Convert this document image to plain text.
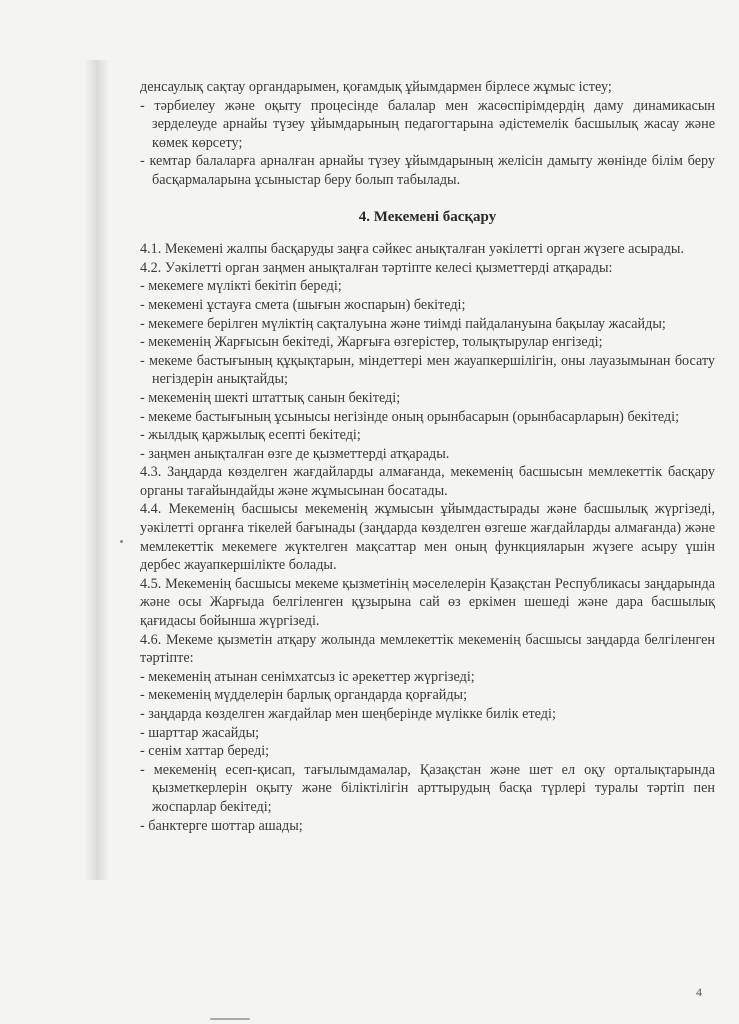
денсаулық сақтау органдарымен, қоғамдық ұйымдармен бірлесе жұмыс істеу;

- тәрбиелеу және оқыту процесінде балалар мен жасөспірімдердің даму динамикасын зерделеуде арнайы түзеу ұйымдарының педагогтарына әдістемелік басшылық жасау және көмек көрсету;

- кемтар балаларға арналған арнайы түзеу ұйымдарының желісін дамыту жөнінде білім беру басқармаларына ұсыныстар беру болып табылады.

4. Мекемені басқару

4.1. Мекемені жалпы басқаруды заңға сәйкес анықталған уәкілетті орган жүзеге асырады.

4.2. Уәкілетті орган заңмен анықталған тәртіпте келесі қызметтерді атқарады:

- мекемеге мүлікті бекітіп береді;

- мекемені ұстауға смета (шығын жоспарын) бекітеді;

- мекемеге берілген мүліктің сақталуына және тиімді пайдалануына бақылау жасайды;

- мекеменің Жарғысын бекітеді, Жарғыға өзгерістер, толықтырулар енгізеді;

- мекеме бастығының құқықтарын, міндеттері мен жауапкершілігін, оны лауазымынан босату негіздерін анықтайды;

- мекеменің шекті штаттық санын бекітеді;

- мекеме бастығының ұсынысы негізінде оның орынбасарын (орынбасарларын) бекітеді;

- жылдық қаржылық есепті бекітеді;

- заңмен анықталған өзге де қызметтерді атқарады.

4.3. Заңдарда көзделген жағдайларды алмағанда, мекеменің басшысын мемлекеттік басқару органы тағайындайды және жұмысынан босатады.

4.4. Мекеменің басшысы мекеменің жұмысын ұйымдастырады және басшылық жүргізеді, уәкілетті органға тікелей бағынады (заңдарда көзделген өзгеше жағдайларды алмағанда) және мемлекеттік мекемеге жүктелген мақсаттар мен оның функцияларын жүзеге асыру үшін дербес жауапкершілікте болады.

4.5. Мекеменің басшысы мекеме қызметінің мәселелерін Қазақстан Республикасы заңдарында және осы Жарғыда белгіленген құзырына сай өз еркімен шешеді және дара басшылық қағидасы бойынша жүргізеді.

4.6. Мекеме қызметін атқару жолында мемлекеттік мекеменің басшысы заңдарда белгіленген тәртіпте:

- мекеменің атынан сенімхатсыз іс әрекеттер жүргізеді;

- мекеменің мүдделерін барлық органдарда қорғайды;

- заңдарда көзделген жағдайлар мен шеңберінде мүлікке билік етеді;

- шарттар жасайды;

- сенім хаттар береді;

- мекеменің есеп-қисап, тағылымдамалар, Қазақстан және шет ел оқу орталықтарында қызметкерлерін оқыту және біліктілігін арттырудың басқа түрлері туралы тәртіп пен жоспарлар бекітеді;

- банктерге шоттар ашады;

4
